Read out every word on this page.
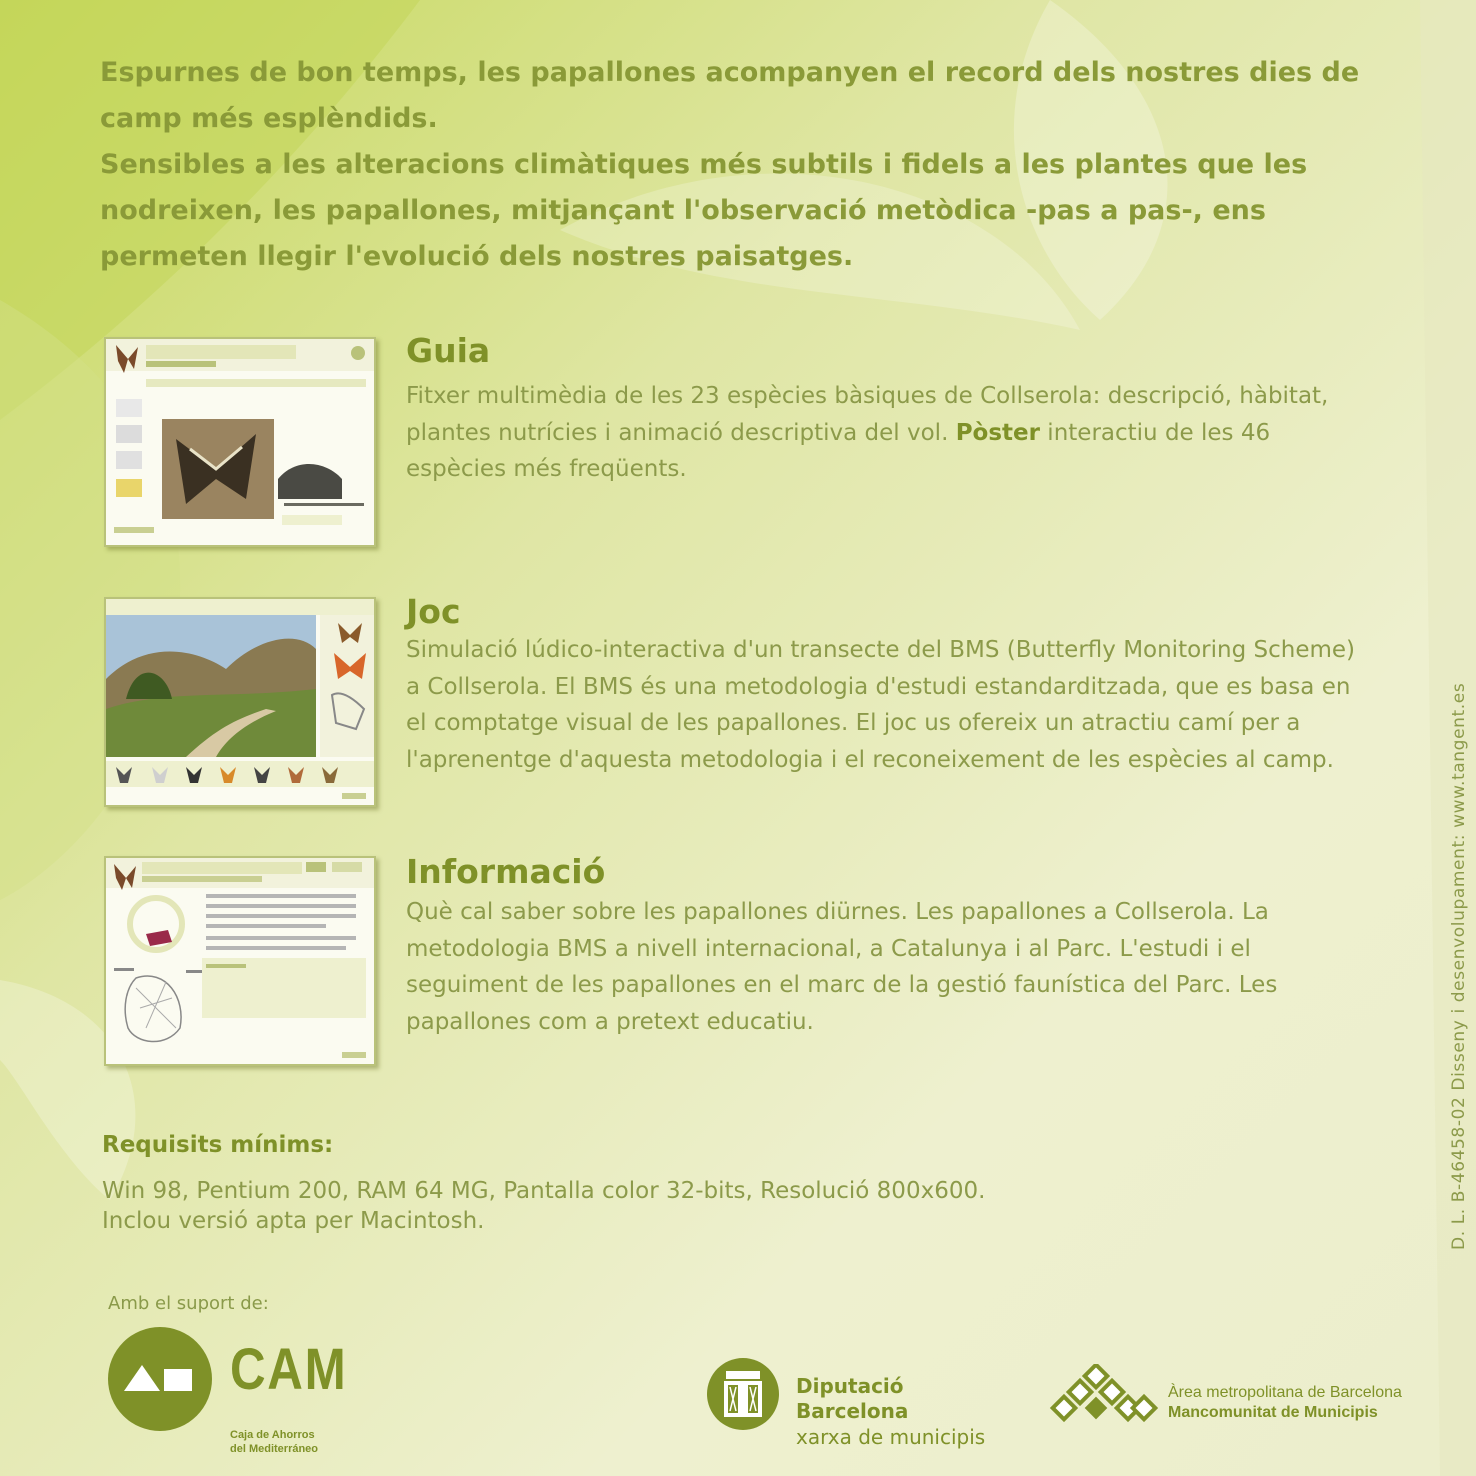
Espurnes de bon temps, les papallones acompanyen el record dels nostres dies de camp més esplèndids.

Sensibles a les alteracions climàtiques més subtils i fidels a les plantes que les nodreixen, les papallones, mitjançant l'observació metòdica -pas a pas-, ens permeten llegir l'evolució dels nostres paisatges.

Guia

Fitxer multimèdia de les 23 espècies bàsiques de Collserola: descripció, hàbitat, plantes nutrícies i animació descriptiva del vol. Pòster interactiu de les 46 espècies més freqüents.

Joc

Simulació lúdico-interactiva d'un transecte del BMS (Butterfly Monitoring Scheme) a Collserola. El BMS és una metodologia d'estudi estandarditzada, que es basa en el comptatge visual de les papallones. El joc us ofereix un atractiu camí per a l'aprenentge d'aquesta metodologia i el reconeixement de les espècies al camp.

Informació

Què cal saber sobre les papallones diürnes. Les papallones a Collserola. La metodologia BMS a nivell internacional, a Catalunya i al Parc. L'estudi i el seguiment de les papallones en el marc de la gestió faunística del Parc. Les papallones com a pretext educatiu.

Requisits mínims:

Win 98, Pentium 200, RAM 64 MG, Pantalla color 32-bits, Resolució 800x600.

Inclou versió apta per Macintosh.

Amb el suport de:

CAM
Caja de Ahorros
del Mediterráneo
Diputació
Barcelona
xarxa de municipis
Àrea metropolitana de Barcelona
Mancomunitat de Municipis
D. L. B-46458-02 Disseny i desenvolupament: www.tangent.es
